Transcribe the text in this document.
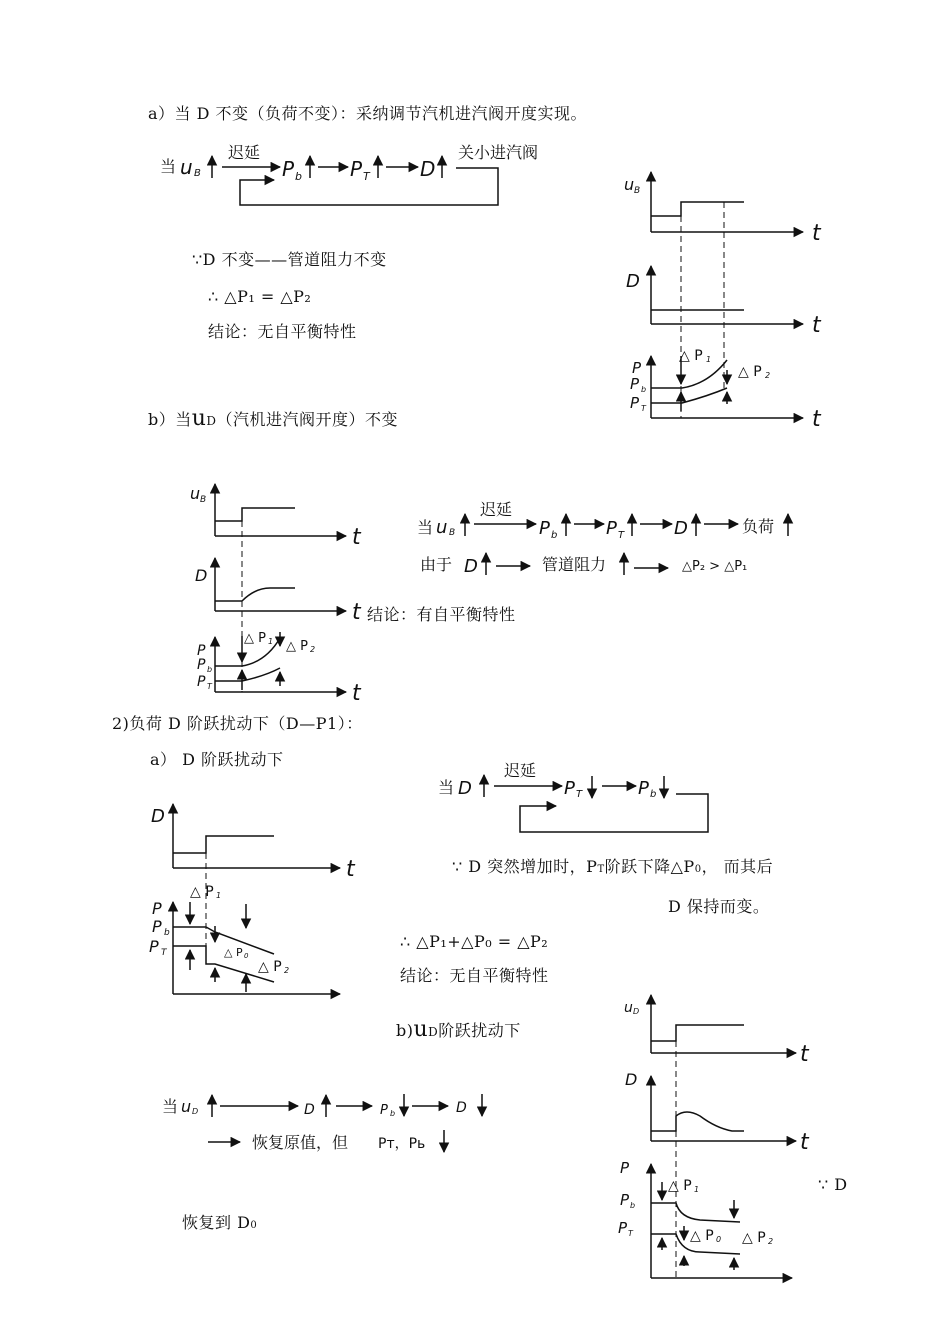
a）当 D 不变（负荷不变）：采纳调节汽机进汽阀开度实现。
∵D 不变——管道阻力不变
∴ △P₁ = △P₂
结论：无自平衡特性
b）当uD（汽机进汽阀开度）不变
结论：有自平衡特性
2)负荷 D 阶跃扰动下（D—P1）：
a） D 阶跃扰动下
∵ D 突然增加时，PT阶跃下降△P0， 而其后
D 保持而变。
∴ △P₁+△P₀ = △P₂
结论：无自平衡特性
b)uD阶跃扰动下
恢复到 D0
∵ D
当 u B
迟延
P b P T	D
关小进汽阀
u B
t
D
t
t
P
P b
P T
△ P 1
△ P 2
u B
t
D
t
t
P
P b
P T
△ P 1 △ P 2
当 u B
迟延
P b	P T	D	负荷
由于 D	管道阻力	△P₂ > △P₁
D
t
P
P b
P T
△ P 1
△ P 0
△ P 2
当 D
迟延
P T	P b
u D
t
D
t
P
P b
P T
△ P 1
△ P 0 △ P 2
当 u D	D	P b	D
恢复原值，但 Pт，Pь
